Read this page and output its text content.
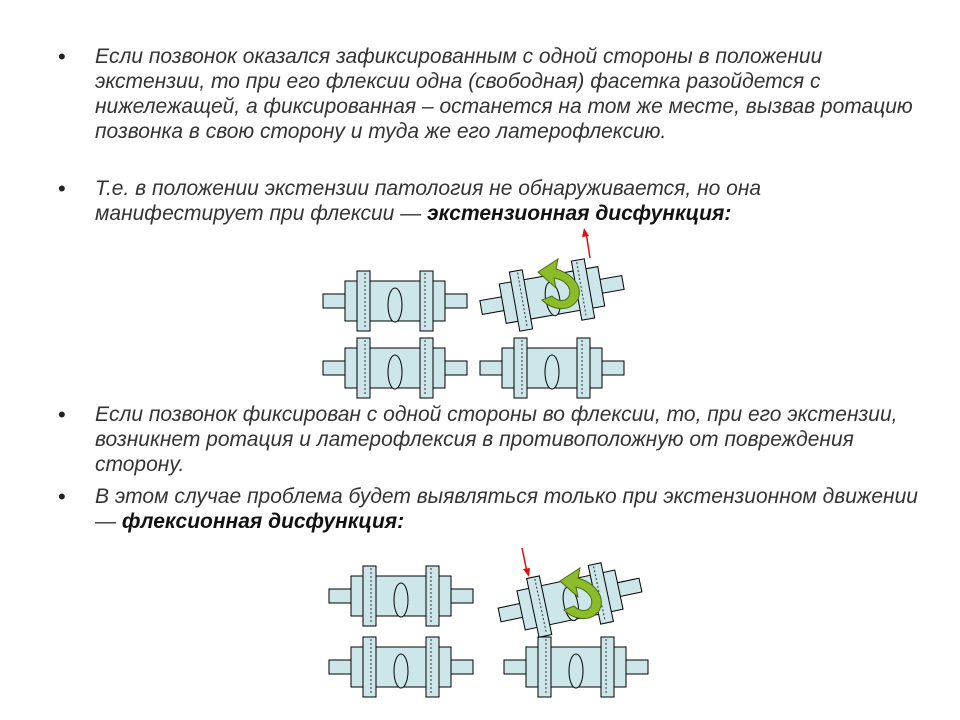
• Если позвонок оказался зафиксированным с одной стороны в положении экстензии, то при его флексии одна (свободная) фасетка разойдется с нижележащей, а фиксированная – останется на том же месте, вызвав ротацию позвонка в свою сторону и туда же его латерофлексию.

• Т.е. в положении экстензии патология не обнаруживается, но она манифестирует при флексии — экстензионная дисфункция:

• Если позвонок фиксирован с одной стороны во флексии, то, при его экстензии, возникнет ротация и латерофлексия в противоположную от повреждения сторону.

• В этом случае проблема будет выявляться только при экстензионном движении — флексионная дисфункция:
